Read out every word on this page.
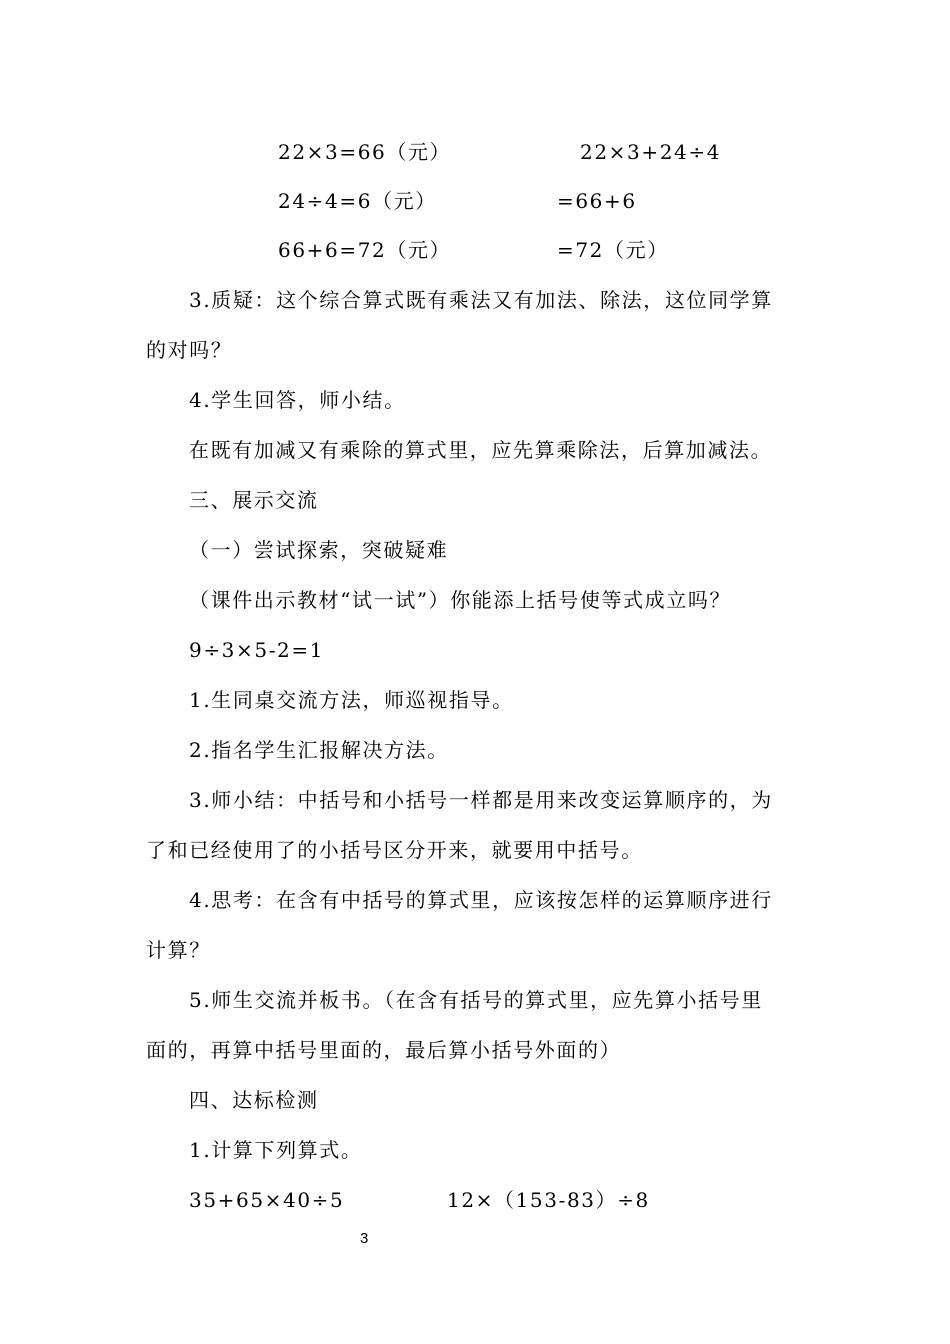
22×3=66（元）	22×3+24÷4
24÷4=6（元）	=66+6
66+6=72（元）	=72（元）
3.质疑：这个综合算式既有乘法又有加法、除法，这位同学算
的对吗？
4.学生回答，师小结。
在既有加减又有乘除的算式里，应先算乘除法，后算加减法。
三、展示交流
（一）尝试探索，突破疑难
（课件出示教材“试一试”）你能添上括号使等式成立吗？
9÷3×5-2=1
1.生同桌交流方法，师巡视指导。
2.指名学生汇报解决方法。
3.师小结：中括号和小括号一样都是用来改变运算顺序的，为
了和已经使用了的小括号区分开来，就要用中括号。
4.思考：在含有中括号的算式里，应该按怎样的运算顺序进行
计算？
5.师生交流并板书。（在含有括号的算式里，应先算小括号里
面的，再算中括号里面的，最后算小括号外面的）
四、达标检测
1.计算下列算式。
35+65×40÷5	12×（153-83）÷8
3
